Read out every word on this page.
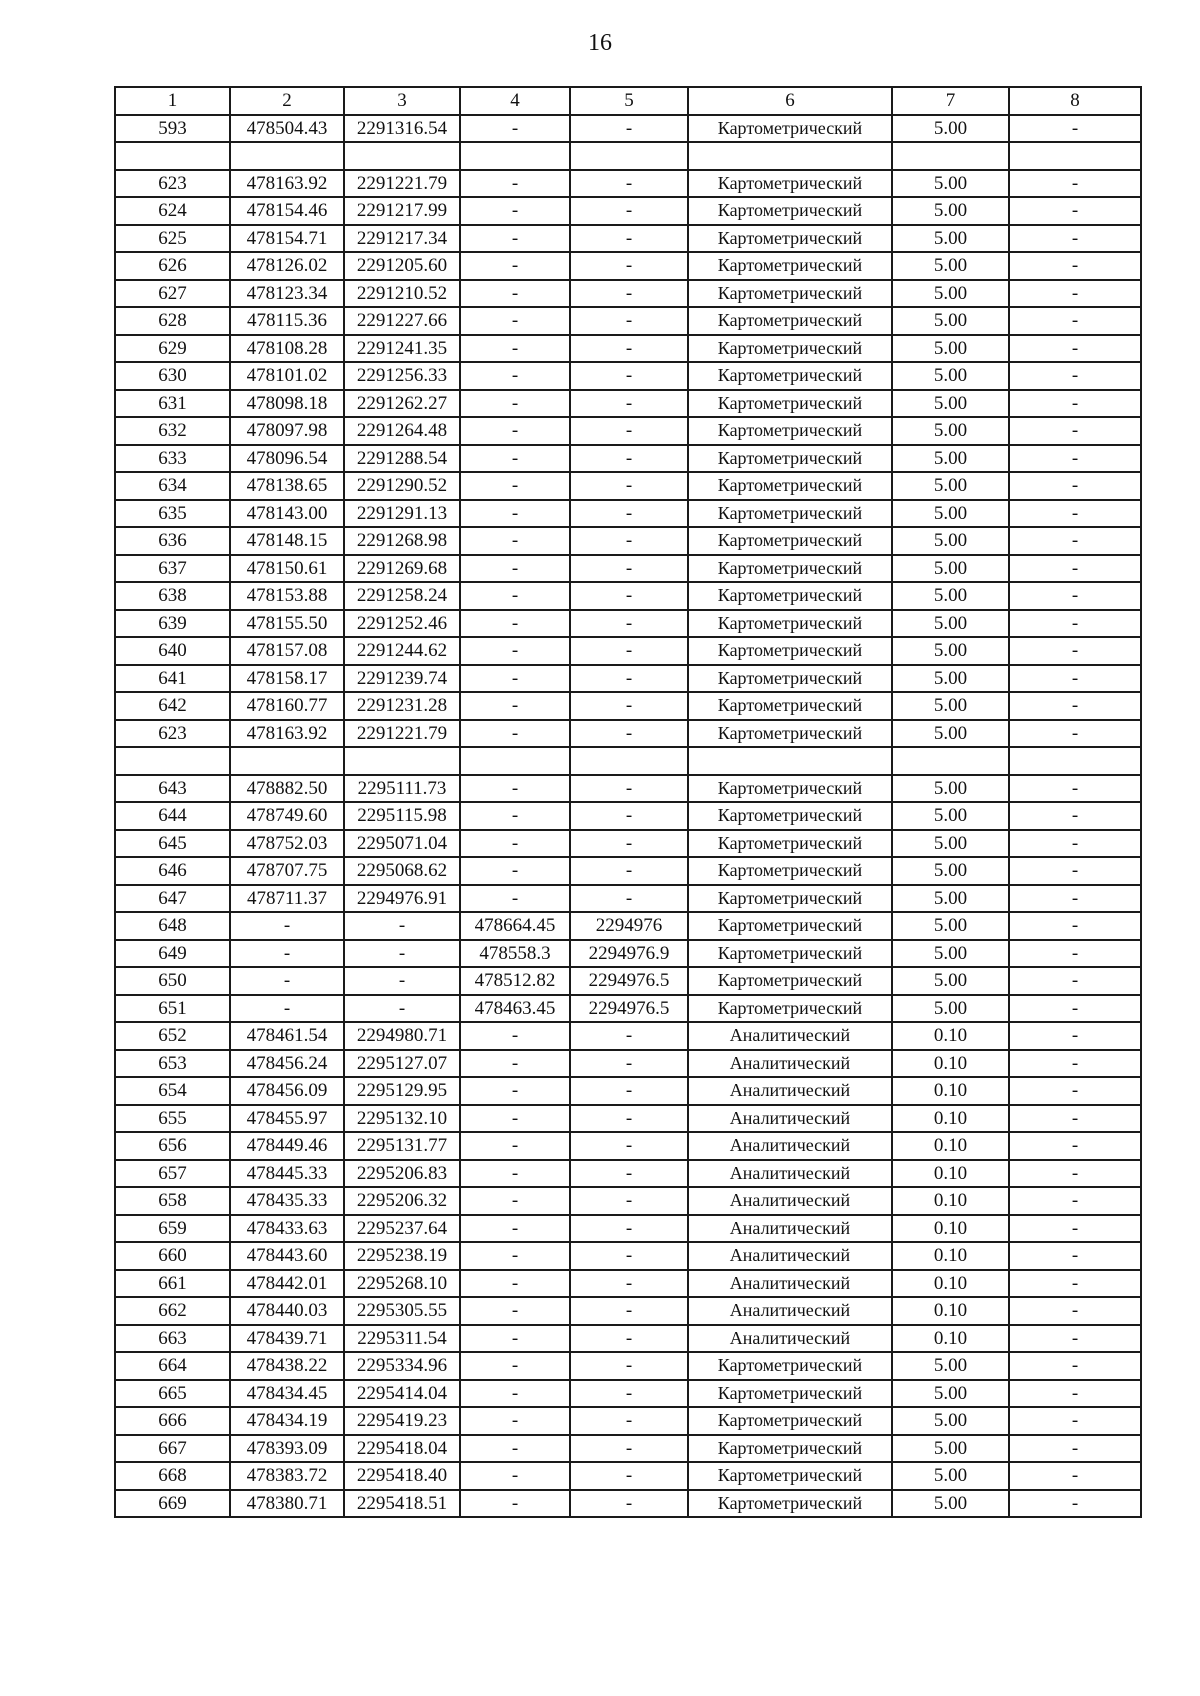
16
1	2	3	4	5	6	7	8
593	478504.43	2291316.54	-	-	Картометрический	5.00	-

623	478163.92	2291221.79	-	-	Картометрический	5.00	-
624	478154.46	2291217.99	-	-	Картометрический	5.00	-
625	478154.71	2291217.34	-	-	Картометрический	5.00	-
626	478126.02	2291205.60	-	-	Картометрический	5.00	-
627	478123.34	2291210.52	-	-	Картометрический	5.00	-
628	478115.36	2291227.66	-	-	Картометрический	5.00	-
629	478108.28	2291241.35	-	-	Картометрический	5.00	-
630	478101.02	2291256.33	-	-	Картометрический	5.00	-
631	478098.18	2291262.27	-	-	Картометрический	5.00	-
632	478097.98	2291264.48	-	-	Картометрический	5.00	-
633	478096.54	2291288.54	-	-	Картометрический	5.00	-
634	478138.65	2291290.52	-	-	Картометрический	5.00	-
635	478143.00	2291291.13	-	-	Картометрический	5.00	-
636	478148.15	2291268.98	-	-	Картометрический	5.00	-
637	478150.61	2291269.68	-	-	Картометрический	5.00	-
638	478153.88	2291258.24	-	-	Картометрический	5.00	-
639	478155.50	2291252.46	-	-	Картометрический	5.00	-
640	478157.08	2291244.62	-	-	Картометрический	5.00	-
641	478158.17	2291239.74	-	-	Картометрический	5.00	-
642	478160.77	2291231.28	-	-	Картометрический	5.00	-
623	478163.92	2291221.79	-	-	Картометрический	5.00	-

643	478882.50	2295111.73	-	-	Картометрический	5.00	-
644	478749.60	2295115.98	-	-	Картометрический	5.00	-
645	478752.03	2295071.04	-	-	Картометрический	5.00	-
646	478707.75	2295068.62	-	-	Картометрический	5.00	-
647	478711.37	2294976.91	-	-	Картометрический	5.00	-
648	-	-	478664.45	2294976	Картометрический	5.00	-
649	-	-	478558.3	2294976.9	Картометрический	5.00	-
650	-	-	478512.82	2294976.5	Картометрический	5.00	-
651	-	-	478463.45	2294976.5	Картометрический	5.00	-
652	478461.54	2294980.71	-	-	Аналитический	0.10	-
653	478456.24	2295127.07	-	-	Аналитический	0.10	-
654	478456.09	2295129.95	-	-	Аналитический	0.10	-
655	478455.97	2295132.10	-	-	Аналитический	0.10	-
656	478449.46	2295131.77	-	-	Аналитический	0.10	-
657	478445.33	2295206.83	-	-	Аналитический	0.10	-
658	478435.33	2295206.32	-	-	Аналитический	0.10	-
659	478433.63	2295237.64	-	-	Аналитический	0.10	-
660	478443.60	2295238.19	-	-	Аналитический	0.10	-
661	478442.01	2295268.10	-	-	Аналитический	0.10	-
662	478440.03	2295305.55	-	-	Аналитический	0.10	-
663	478439.71	2295311.54	-	-	Аналитический	0.10	-
664	478438.22	2295334.96	-	-	Картометрический	5.00	-
665	478434.45	2295414.04	-	-	Картометрический	5.00	-
666	478434.19	2295419.23	-	-	Картометрический	5.00	-
667	478393.09	2295418.04	-	-	Картометрический	5.00	-
668	478383.72	2295418.40	-	-	Картометрический	5.00	-
669	478380.71	2295418.51	-	-	Картометрический	5.00	-
